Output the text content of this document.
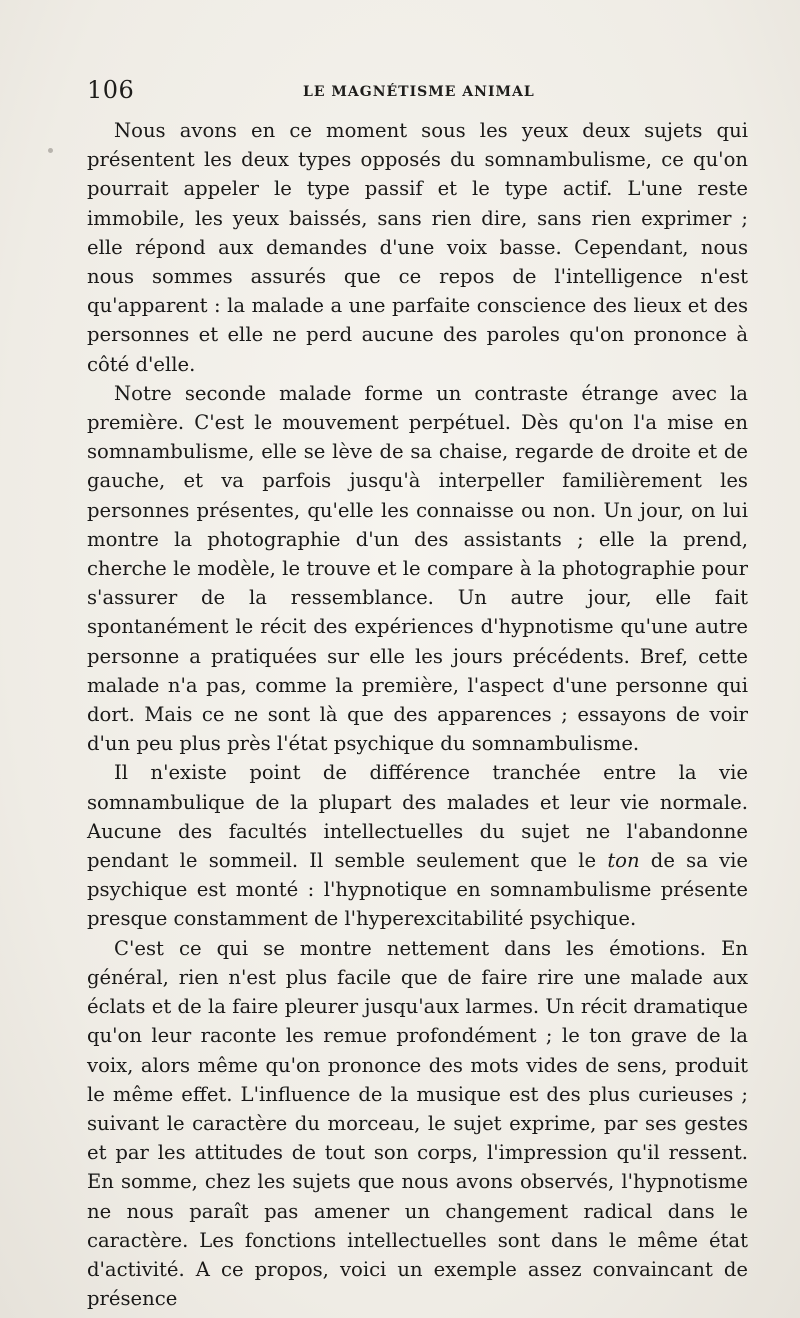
106	LE MAGNÉTISME ANIMAL

Nous avons en ce moment sous les yeux deux sujets qui présentent les deux types opposés du somnambulisme, ce qu'on pourrait appeler le type passif et le type actif. L'une reste immobile, les yeux baissés, sans rien dire, sans rien exprimer ; elle répond aux demandes d'une voix basse. Cependant, nous nous sommes assurés que ce repos de l'intelligence n'est qu'apparent : la malade a une parfaite conscience des lieux et des personnes et elle ne perd aucune des paroles qu'on prononce à côté d'elle.

Notre seconde malade forme un contraste étrange avec la première. C'est le mouvement perpétuel. Dès qu'on l'a mise en somnambulisme, elle se lève de sa chaise, regarde de droite et de gauche, et va parfois jusqu'à interpeller familièrement les personnes présentes, qu'elle les connaisse ou non. Un jour, on lui montre la photographie d'un des assistants ; elle la prend, cherche le modèle, le trouve et le compare à la photographie pour s'assurer de la ressemblance. Un autre jour, elle fait spontanément le récit des expériences d'hypnotisme qu'une autre personne a pratiquées sur elle les jours précédents. Bref, cette malade n'a pas, comme la première, l'aspect d'une personne qui dort. Mais ce ne sont là que des apparences ; essayons de voir d'un peu plus près l'état psychique du somnambulisme.

Il n'existe point de différence tranchée entre la vie somnambulique de la plupart des malades et leur vie normale. Aucune des facultés intellectuelles du sujet ne l'abandonne pendant le sommeil. Il semble seulement que le ton de sa vie psychique est monté : l'hypnotique en somnambulisme présente presque constamment de l'hyperexcitabilité psychique.

C'est ce qui se montre nettement dans les émotions. En général, rien n'est plus facile que de faire rire une malade aux éclats et de la faire pleurer jusqu'aux larmes. Un récit dramatique qu'on leur raconte les remue profondément ; le ton grave de la voix, alors même qu'on prononce des mots vides de sens, produit le même effet. L'influence de la musique est des plus curieuses ; suivant le caractère du morceau, le sujet exprime, par ses gestes et par les attitudes de tout son corps, l'impression qu'il ressent. En somme, chez les sujets que nous avons observés, l'hypnotisme ne nous paraît pas amener un changement radical dans le caractère. Les fonctions intellectuelles sont dans le même état d'activité. A ce propos, voici un exemple assez convaincant de présence
